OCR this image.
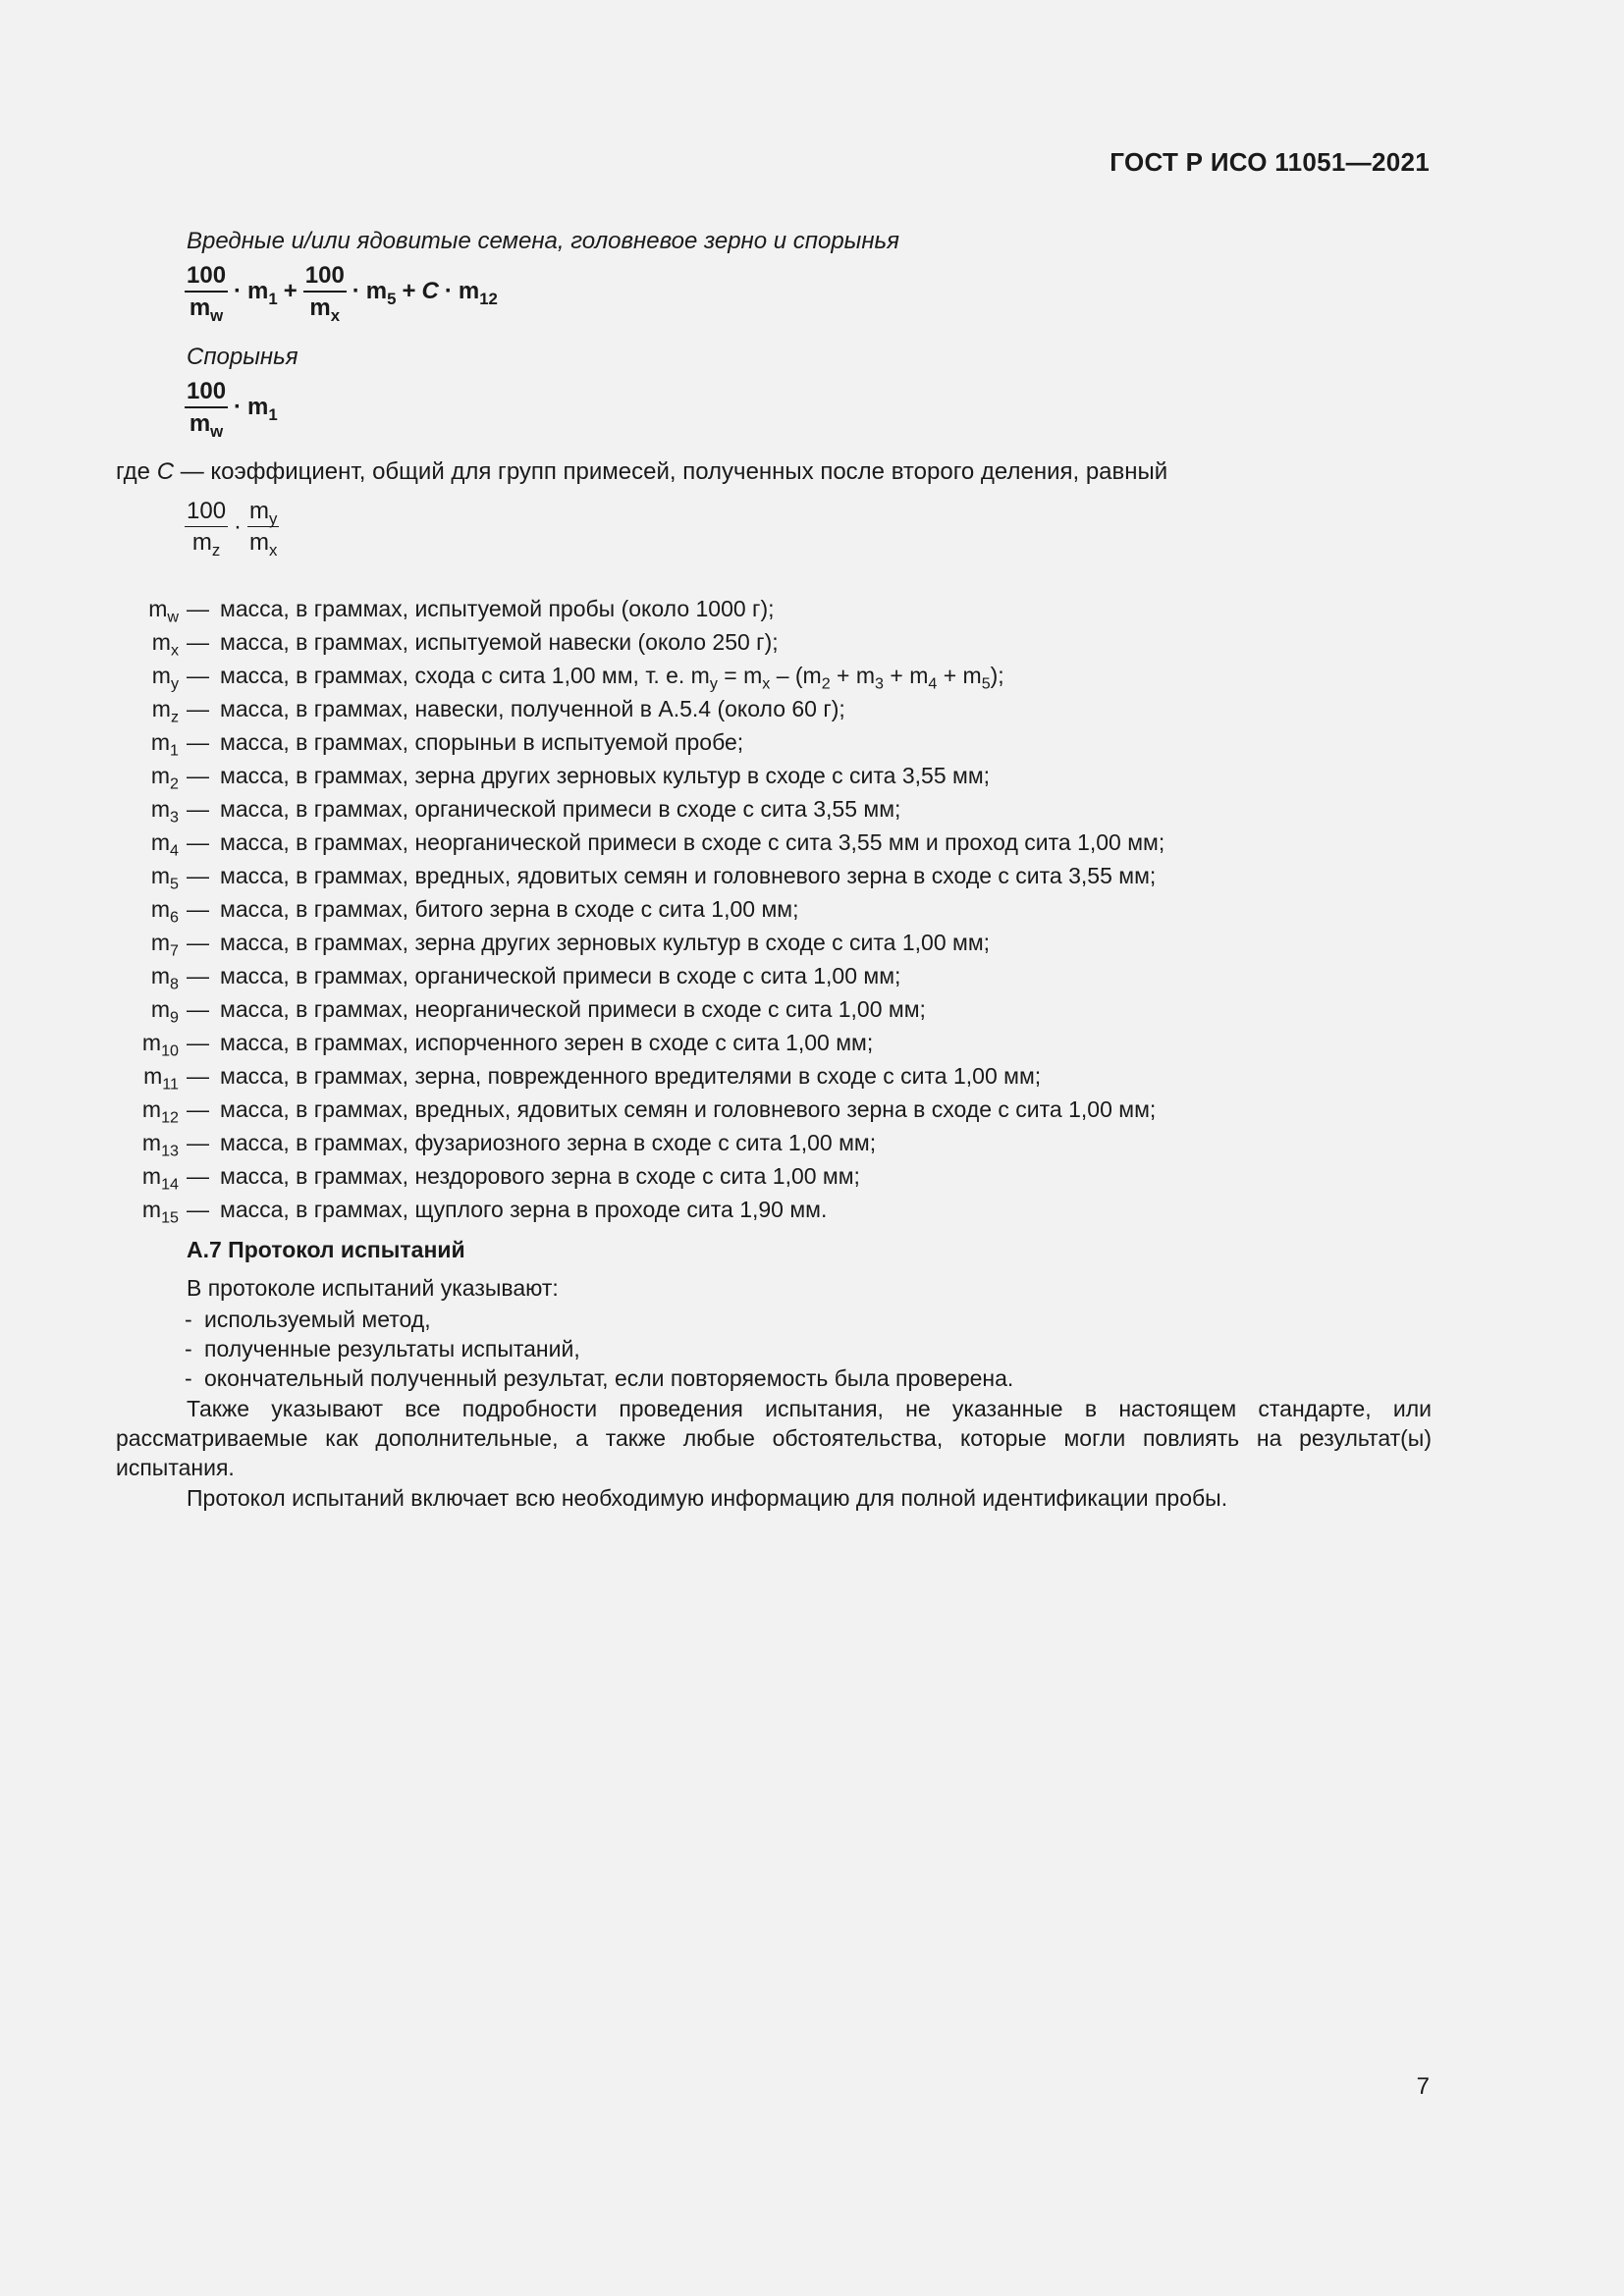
ГОСТ Р ИСО 11051—2021
Вредные и/или ядовитые семена, головневое зерно и спорынья
$\frac{100}{m_w} \cdot m_1 + \frac{100}{m_x} \cdot m_5 + C \cdot m_{12}$
Спорынья
$\frac{100}{m_w} \cdot m_1$
где C — коэффициент, общий для групп примесей, полученных после второго деления, равный
$\frac{100}{m_z} \cdot \frac{m_y}{m_x}$
$m_w$ — масса, в граммах, испытуемой пробы (около 1000 г);
$m_x$ — масса, в граммах, испытуемой навески (около 250 г);
$m_y$ — масса, в граммах, схода с сита 1,00 мм, т. е. $m_y = m_x - (m_2 + m_3 + m_4 + m_5)$;
$m_z$ — масса, в граммах, навески, полученной в А.5.4 (около 60 г);
$m_1$ — масса, в граммах, спорыньи в испытуемой пробе;
$m_2$ — масса, в граммах, зерна других зерновых культур в сходе с сита 3,55 мм;
$m_3$ — масса, в граммах, органической примеси в сходе с сита 3,55 мм;
$m_4$ — масса, в граммах, неорганической примеси в сходе с сита 3,55 мм и проход сита 1,00 мм;
$m_5$ — масса, в граммах, вредных, ядовитых семян и головневого зерна в сходе с сита 3,55 мм;
$m_6$ — масса, в граммах, битого зерна в сходе с сита 1,00 мм;
$m_7$ — масса, в граммах, зерна других зерновых культур в сходе с сита 1,00 мм;
$m_8$ — масса, в граммах, органической примеси в сходе с сита 1,00 мм;
$m_9$ — масса, в граммах, неорганической примеси в сходе с сита 1,00 мм;
$m_{10}$ — масса, в граммах, испорченного зерен в сходе с сита 1,00 мм;
$m_{11}$ — масса, в граммах, зерна, поврежденного вредителями в сходе с сита 1,00 мм;
$m_{12}$ — масса, в граммах, вредных, ядовитых семян и головневого зерна в сходе с сита 1,00 мм;
$m_{13}$ — масса, в граммах, фузариозного зерна в сходе с сита 1,00 мм;
$m_{14}$ — масса, в граммах, нездорового зерна в сходе с сита 1,00 мм;
$m_{15}$ — масса, в граммах, щуплого зерна в проходе сита 1,90 мм.
А.7 Протокол испытаний
В протоколе испытаний указывают:
- используемый метод,
- полученные результаты испытаний,
- окончательный полученный результат, если повторяемость была проверена.
Также указывают все подробности проведения испытания, не указанные в настоящем стандарте, или рассматриваемые как дополнительные, а также любые обстоятельства, которые могли повлиять на результат(ы) испытания.
Протокол испытаний включает всю необходимую информацию для полной идентификации пробы.
7
